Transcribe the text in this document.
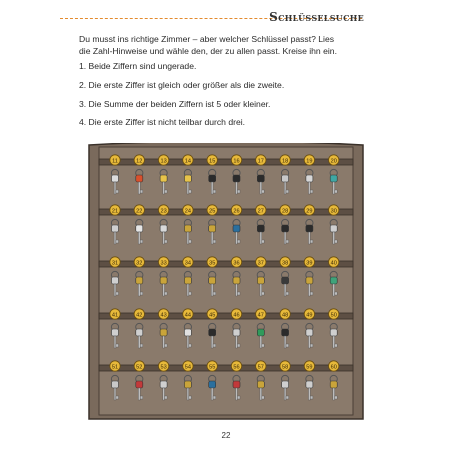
Schlüsselsuche
Du musst ins richtige Zimmer – aber welcher Schlüssel passt? Lies
die Zahl-Hinweise und wähle den, der zu allen passt. Kreise ihn ein.
1. Beide Ziffern sind ungerade.
2. Die erste Ziffer ist gleich oder größer als die zweite.
3. Die Summe der beiden Ziffern ist 5 oder kleiner.
4. Die erste Ziffer ist nicht teilbar durch drei.
11	12	13	14	15	16	17	18	19	20
21	22	23	24	25	26	27	28	29	30
31	32	33	34	35	36	37	38	39	40
41	42	43	44	45	46	47	48	49	50
51	52	53	54	55	56	57	58	59	60
22
